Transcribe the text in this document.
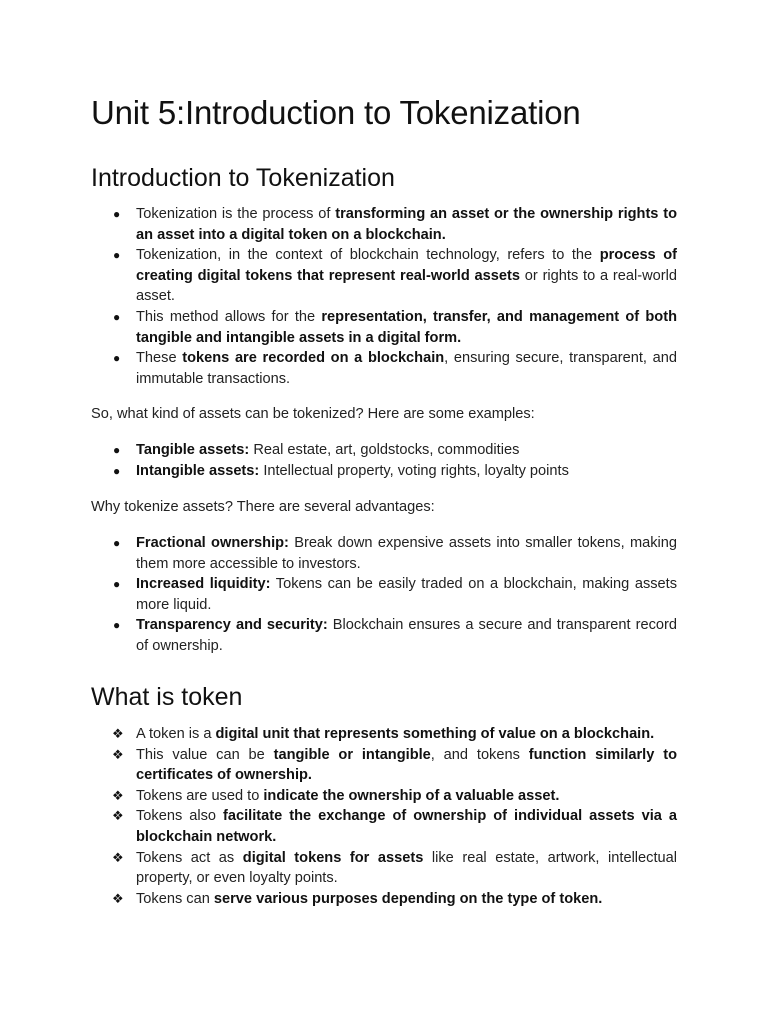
Unit 5:Introduction to Tokenization
Introduction to Tokenization
● Tokenization is the process of transforming an asset or the ownership rights to an asset into a digital token on a blockchain.
● Tokenization, in the context of blockchain technology, refers to the process of creating digital tokens that represent real-world assets or rights to a real-world asset.
● This method allows for the representation, transfer, and management of both tangible and intangible assets in a digital form.
● These tokens are recorded on a blockchain, ensuring secure, transparent, and immutable transactions.

So, what kind of assets can be tokenized? Here are some examples:

● Tangible assets: Real estate, art, goldstocks, commodities
● Intangible assets: Intellectual property, voting rights, loyalty points

Why tokenize assets? There are several advantages:

● Fractional ownership: Break down expensive assets into smaller tokens, making them more accessible to investors.
● Increased liquidity: Tokens can be easily traded on a blockchain, making assets more liquid.
● Transparency and security: Blockchain ensures a secure and transparent record of ownership.
What is token
❖ A token is a digital unit that represents something of value on a blockchain.
❖ This value can be tangible or intangible, and tokens function similarly to certificates of ownership.
❖ Tokens are used to indicate the ownership of a valuable asset.
❖ Tokens also facilitate the exchange of ownership of individual assets via a blockchain network.
❖ Tokens act as digital tokens for assets like real estate, artwork, intellectual property, or even loyalty points.
❖ Tokens can serve various purposes depending on the type of token.
